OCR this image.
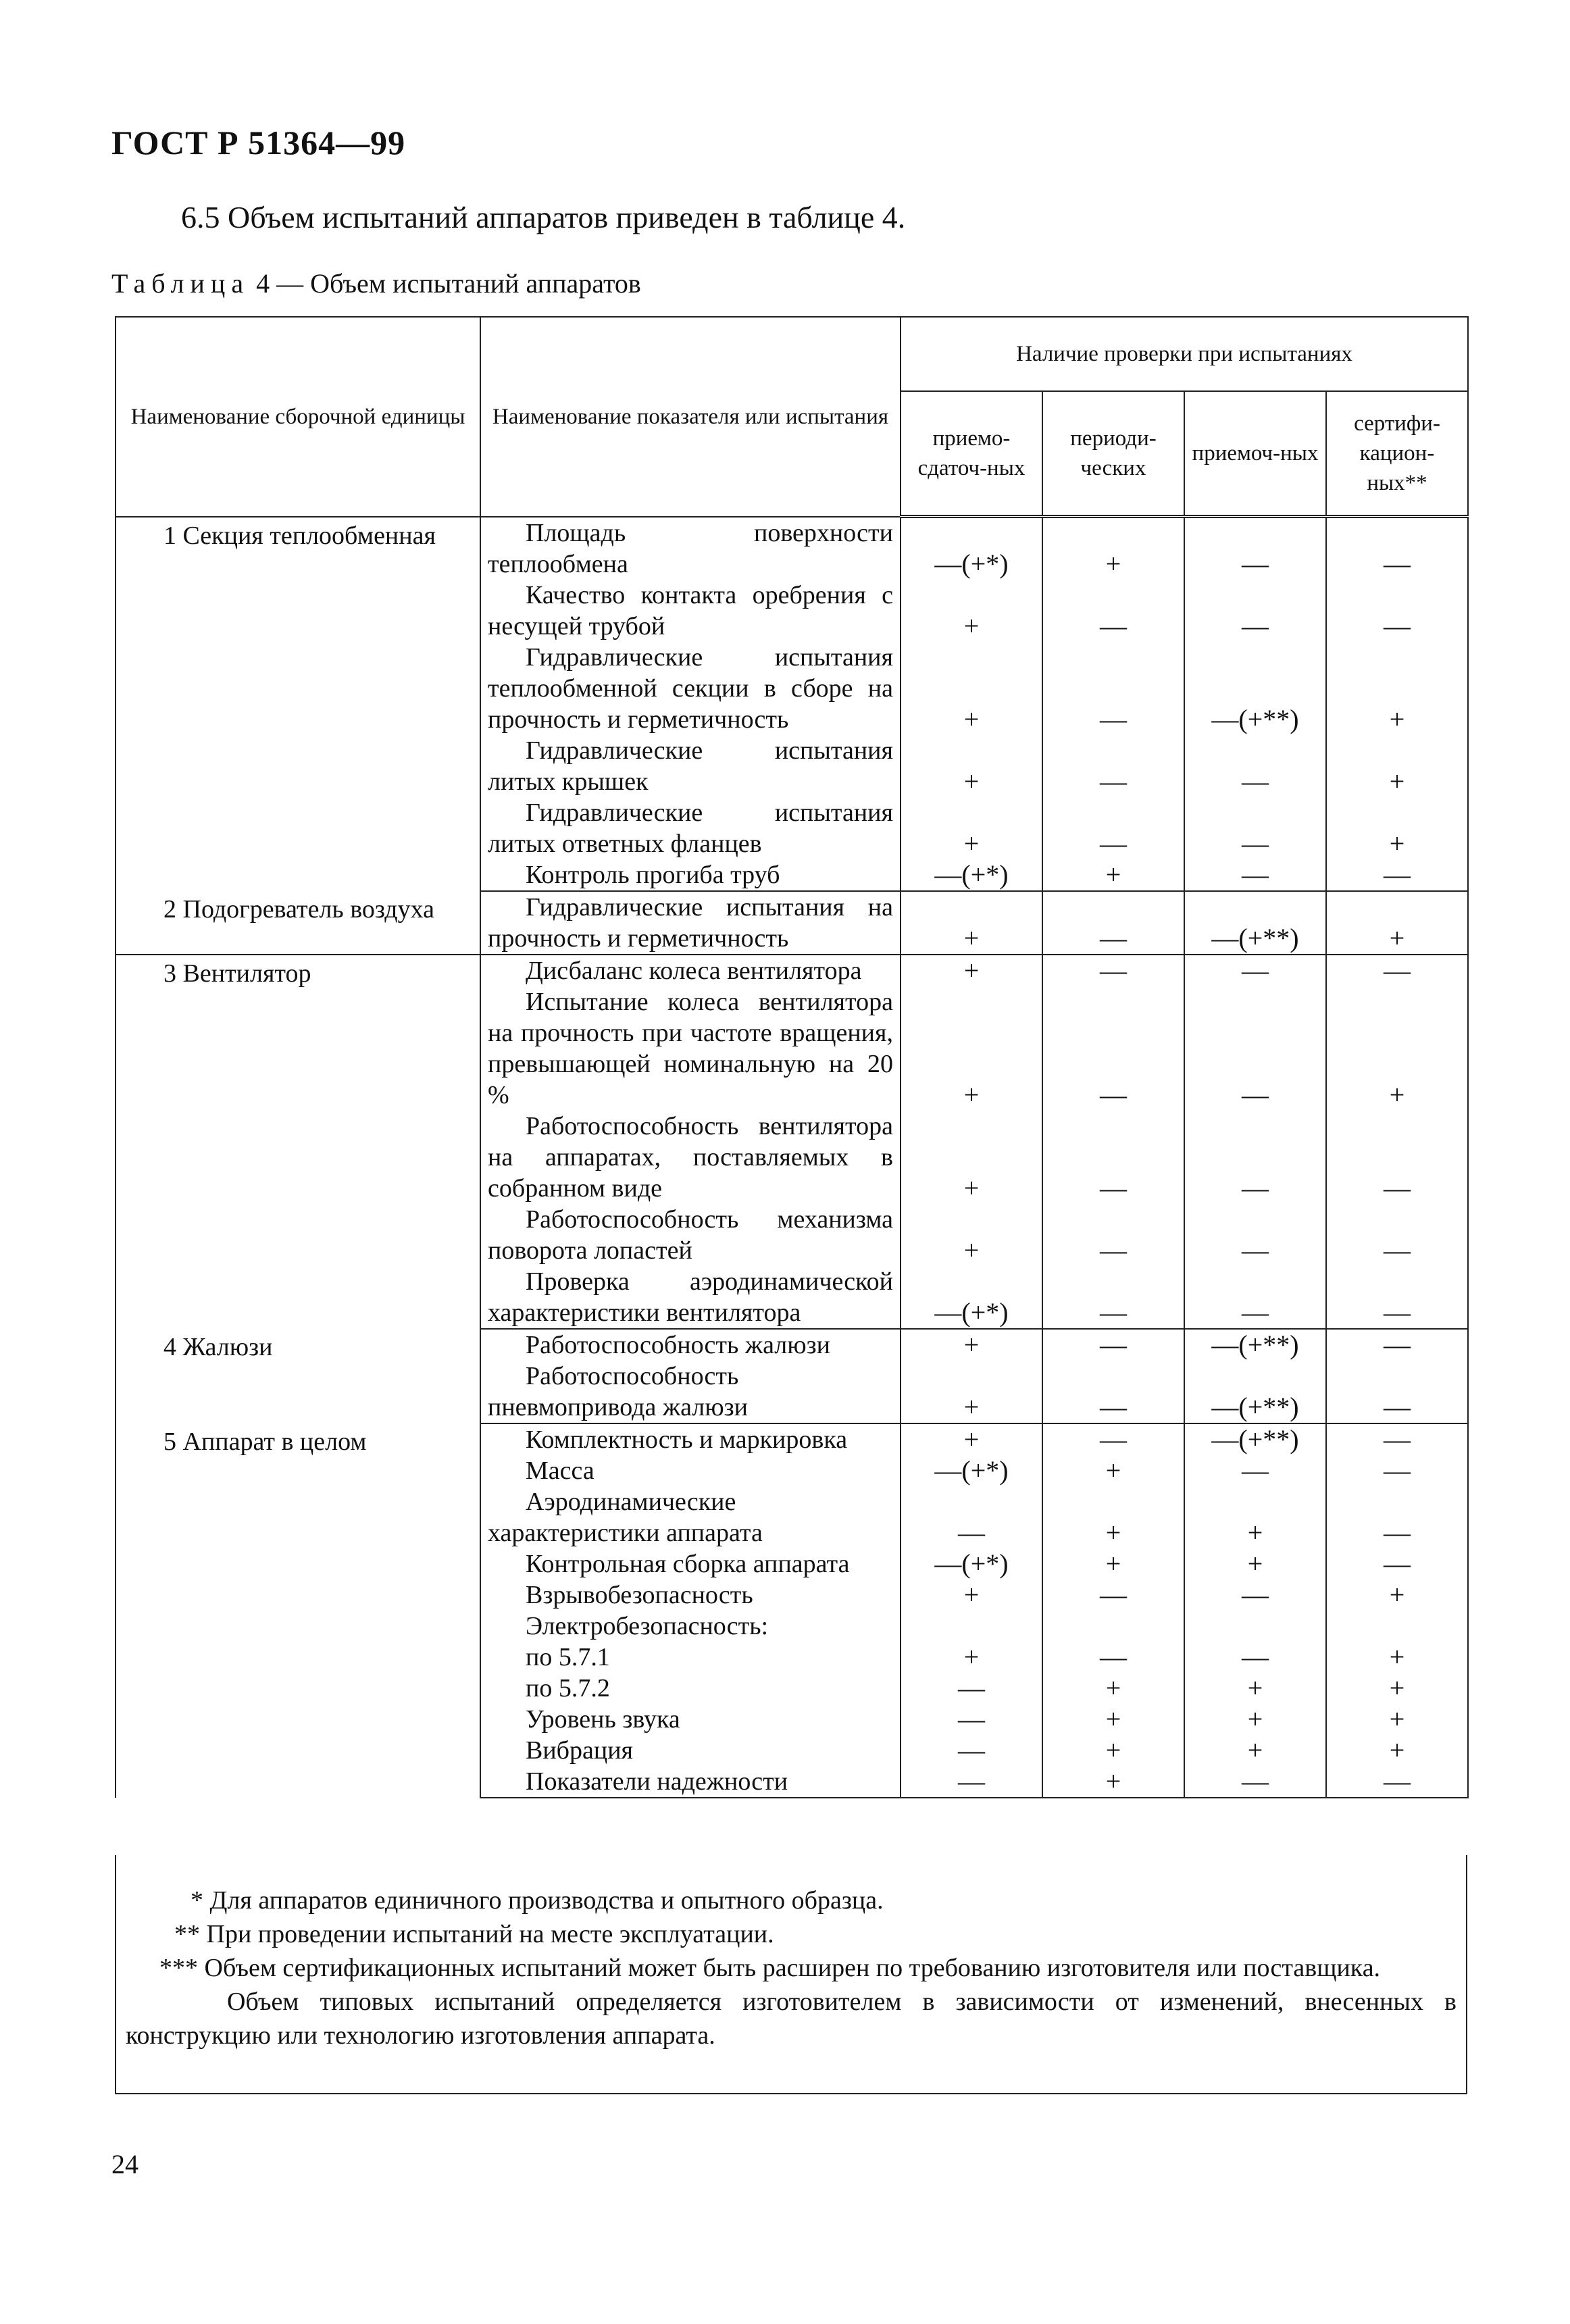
ГОСТ Р 51364—99
6.5 Объем испытаний аппаратов приведен в таблице 4.
Таблица 4 — Объем испытаний аппаратов
Наименование сборочной единицы	Наименование показателя или испытания	Наличие проверки при испытаниях			
		приемо-сдаточ-ных	периоди-ческих	приемоч-ных	сертифи-кацион-ных**

1 Секция теплообменная	Площадь поверхности теплообмена	—(+*)	+	—	—
	Качество контакта оребрения с несущей трубой	+	—	—	—
	Гидравлические испытания теплообменной секции в сборе на прочность и герметичность	+	—	—(+**)	+
	Гидравлические испытания литых крышек	+	—	—	+
	Гидравлические испытания литых ответных фланцев	+	—	—	+
	Контроль прогиба труб	—(+*)	+	—	—

2 Подогреватель воздуха	Гидравлические испытания на прочность и герметичность	+	—	—(+**)	+

3 Вентилятор	Дисбаланс колеса вентилятора	+	—	—	—
	Испытание колеса вентилятора на прочность при частоте вращения, превышающей номинальную на 20 %	+	—	—	+
	Работоспособность вентилятора на аппаратах, поставляемых в собранном виде	+	—	—	—
	Работоспособность механизма поворота лопастей	+	—	—	—
	Проверка аэродинамической характеристики вентилятора	—(+*)	—	—	—

4 Жалюзи	Работоспособность жалюзи	+	—	—(+**)	—
	Работоспособность пневмопривода жалюзи	+	—	—(+**)	—

5 Аппарат в целом	Комплектность и маркировка	+	—	—(+**)	—
	Масса	—(+*)	+	—	—
	Аэродинамические характеристики аппарата	—	+	+	—
	Контрольная сборка аппарата	—(+*)	+	+	—
	Взрывобезопасность	+	—	—	+
	Электробезопасность:				
	по 5.7.1	+	—	—	+
	по 5.7.2	—	+	+	+
	Уровень звука	—	+	+	+
	Вибрация	—	+	+	+
	Показатели надежности	—	+	—	—

* Для аппаратов единичного производства и опытного образца.

** При проведении испытаний на месте эксплуатации.

*** Объем сертификационных испытаний может быть расширен по требованию изготовителя или поставщика.

Объем типовых испытаний определяется изготовителем в зависимости от изменений, внесенных в конструкцию или технологию изготовления аппарата.

24
